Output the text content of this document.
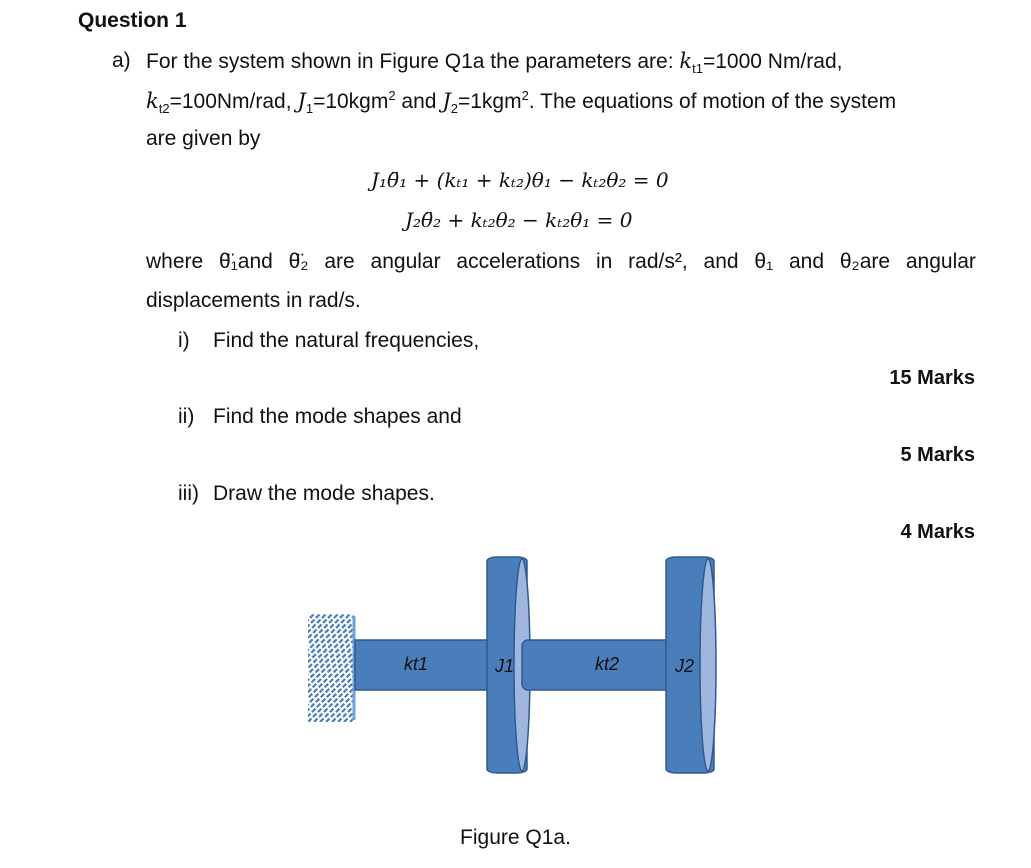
Question 1
a) For the system shown in Figure Q1a the parameters are: $k_{t1}=1000$ Nm/rad,
$k_{t2}=100Nm$/rad, $J_1=10kgm^2$ and $J_2=1kgm^2$. The equations of motion of the system
are given by
J₁θ̈₁ + (kₜ₁ + kₜ₂)θ₁ − kₜ₂θ₂ = 0
J₂θ̈₂ + kₜ₂θ₂ − kₜ₂θ₁ = 0
where θ̈₁and θ̈₂ are angular accelerations in rad/s², and θ₁ and θ₂are angular
displacements in rad/s.
i) Find the natural frequencies,
15 Marks
ii) Find the mode shapes and
5 Marks
iii) Draw the mode shapes.
4 Marks
kt1	J1	kt2	J2
Figure Q1a.
